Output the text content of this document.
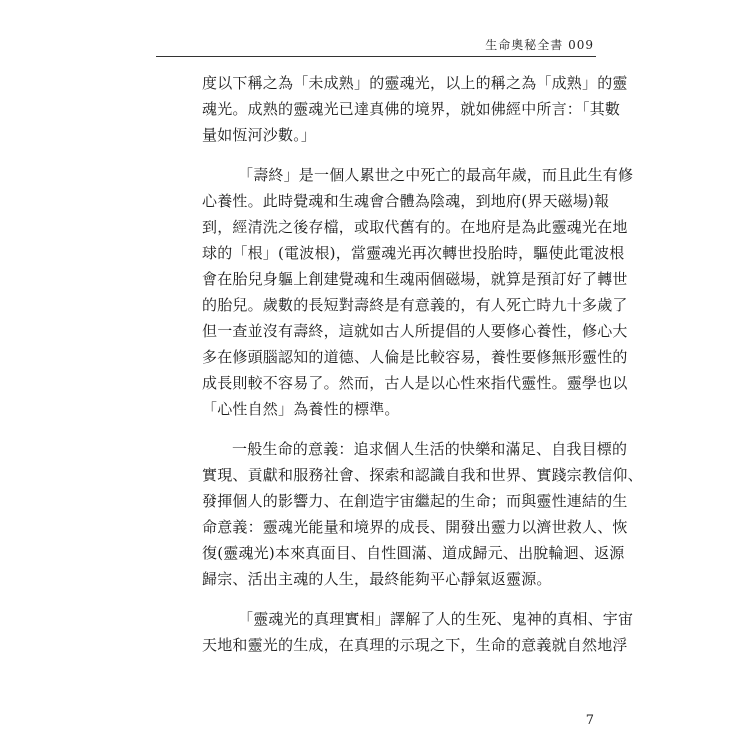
生命奧秘全書 009
度以下稱之為「未成熟」的靈魂光，以上的稱之為「成熟」的靈
魂光。成熟的靈魂光已達真佛的境界，就如佛經中所言：「其數
量如恆河沙數。」
「壽終」是一個人累世之中死亡的最高年歲，而且此生有修
心養性。此時覺魂和生魂會合體為陰魂，到地府(界天磁場)報
到，經清洗之後存檔，或取代舊有的。在地府是為此靈魂光在地
球的「根」(電波根)，當靈魂光再次轉世投胎時，驅使此電波根
會在胎兒身軀上創建覺魂和生魂兩個磁場，就算是預訂好了轉世
的胎兒。歲數的長短對壽終是有意義的，有人死亡時九十多歲了
但一查並沒有壽終，這就如古人所提倡的人要修心養性，修心大
多在修頭腦認知的道德、人倫是比較容易，養性要修無形靈性的
成長則較不容易了。然而，古人是以心性來指代靈性。靈學也以
「心性自然」為養性的標準。
一般生命的意義：追求個人生活的快樂和滿足、自我目標的
實現、貢獻和服務社會、探索和認識自我和世界、實踐宗教信仰、
發揮個人的影響力、在創造宇宙繼起的生命；而與靈性連結的生
命意義：靈魂光能量和境界的成長、開發出靈力以濟世救人、恢
復(靈魂光)本來真面目、自性圓滿、道成歸元、出脫輪迴、返源
歸宗、活出主魂的人生，最終能夠平心靜氣返靈源。
「靈魂光的真理實相」譯解了人的生死、鬼神的真相、宇宙
天地和靈光的生成，在真理的示現之下，生命的意義就自然地浮
7
